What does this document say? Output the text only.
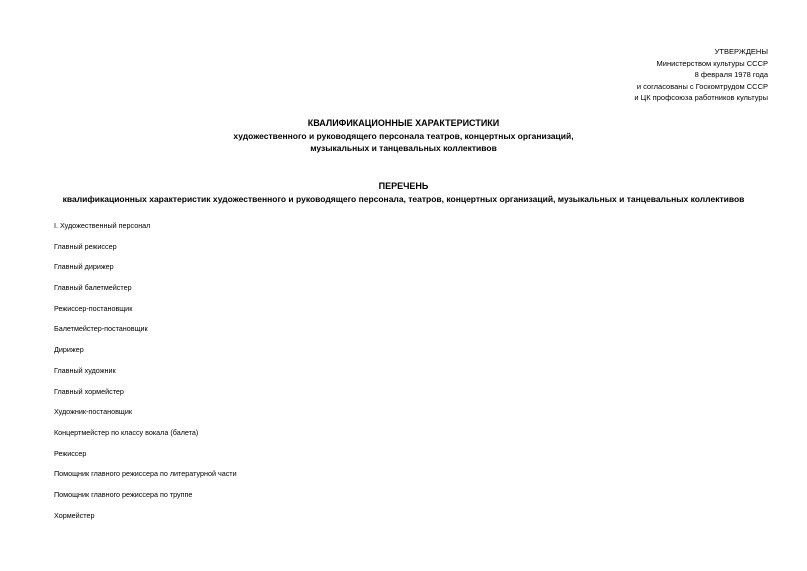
УТВЕРЖДЕНЫ
Министерством культуры СССР
8 февраля 1978 года
и согласованы с Госкомтрудом СССР
и ЦК профсоюза работников культуры
КВАЛИФИКАЦИОННЫЕ ХАРАКТЕРИСТИКИ
художественного и руководящего персонала театров, концертных организаций,
музыкальных и танцевальных коллективов
ПЕРЕЧЕНЬ
квалификационных характеристик художественного и руководящего персонала, театров, концертных организаций, музыкальных и танцевальных коллективов
I. Художественный персонал
Главный режиссер
Главный дирижер
Главный балетмейстер
Режиссер-постановщик
Балетмейстер-постановщик
Дирижер
Главный художник
Главный хормейстер
Художник-постановщик
Концертмейстер по классу вокала (балета)
Режиссер
Помощник главного режиссера по литературной части
Помощник главного режиссера по труппе
Хормейстер
